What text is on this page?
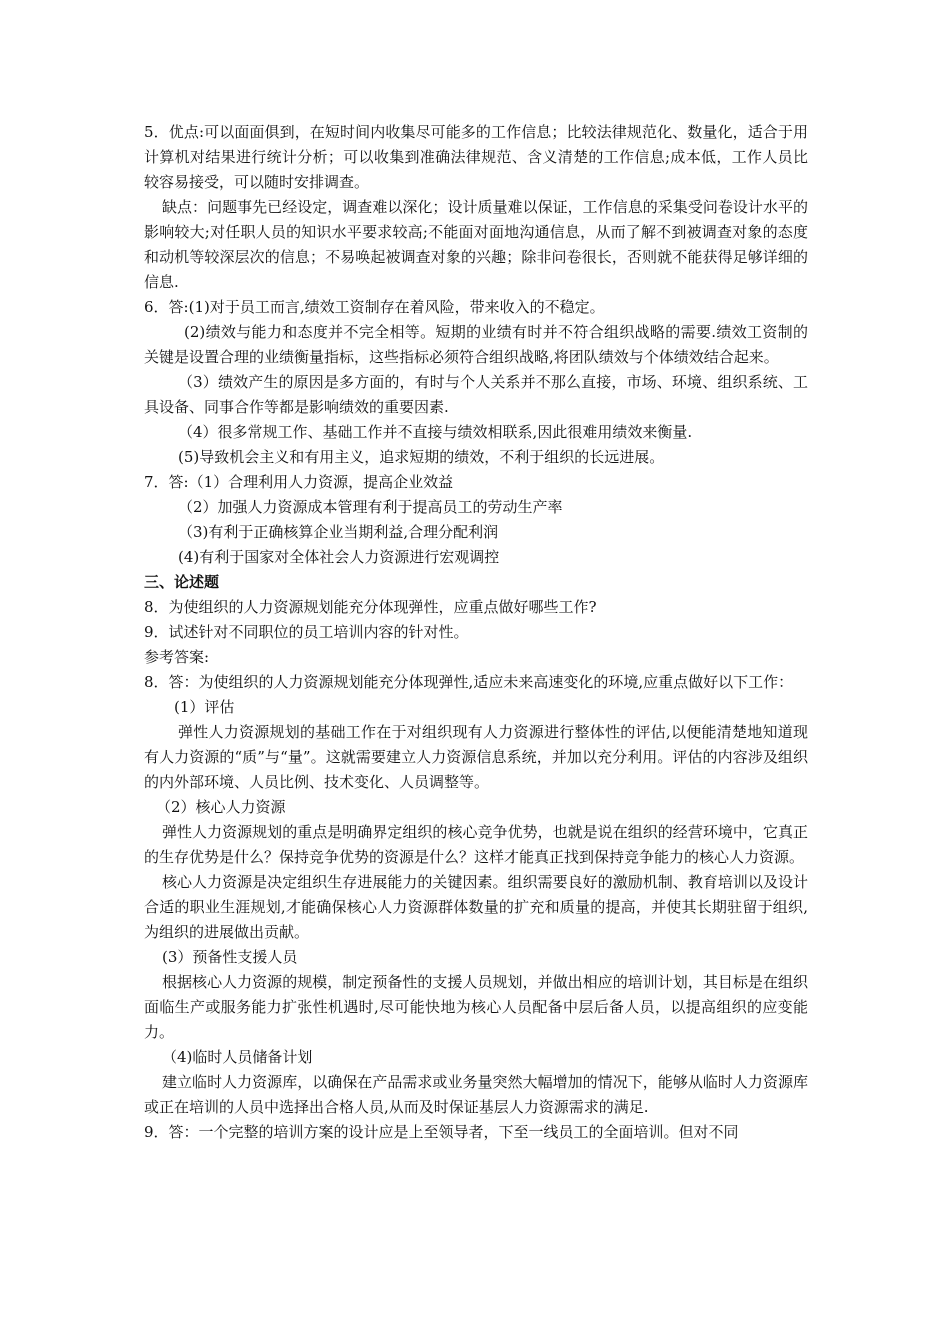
5．优点:可以面面俱到，在短时间内收集尽可能多的工作信息；比较法律规范化、数量化，适合于用计算机对结果进行统计分析；可以收集到准确法律规范、含义清楚的工作信息;成本低，工作人员比较容易接受，可以随时安排调查。

缺点：问题事先已经设定，调查难以深化；设计质量难以保证，工作信息的采集受问卷设计水平的影响较大;对任职人员的知识水平要求较高;不能面对面地沟通信息，从而了解不到被调查对象的态度和动机等较深层次的信息；不易唤起被调查对象的兴趣；除非问卷很长，否则就不能获得足够详细的信息.

6．答:(1)对于员工而言,绩效工资制存在着风险，带来收入的不稳定。

(2)绩效与能力和态度并不完全相等。短期的业绩有时并不符合组织战略的需要.绩效工资制的关键是设置合理的业绩衡量指标，这些指标必须符合组织战略,将团队绩效与个体绩效结合起来。

（3）绩效产生的原因是多方面的，有时与个人关系并不那么直接，市场、环境、组织系统、工具设备、同事合作等都是影响绩效的重要因素.

（4）很多常规工作、基础工作并不直接与绩效相联系,因此很难用绩效来衡量.

(5)导致机会主义和有用主义，追求短期的绩效，不利于组织的长远进展。

7．答:（1）合理利用人力资源，提高企业效益

（2）加强人力资源成本管理有利于提高员工的劳动生产率

（3)有利于正确核算企业当期利益,合理分配利润

(4)有利于国家对全体社会人力资源进行宏观调控

三、论述题

8．为使组织的人力资源规划能充分体现弹性，应重点做好哪些工作?

9．试述针对不同职位的员工培训内容的针对性。

参考答案:

8．答：为使组织的人力资源规划能充分体现弹性,适应未来高速变化的环境,应重点做好以下工作：

(1）评估

弹性人力资源规划的基础工作在于对组织现有人力资源进行整体性的评估,以便能清楚地知道现有人力资源的“质”与“量”。这就需要建立人力资源信息系统，并加以充分利用。评估的内容涉及组织的内外部环境、人员比例、技术变化、人员调整等。

（2）核心人力资源

弹性人力资源规划的重点是明确界定组织的核心竞争优势，也就是说在组织的经营环境中，它真正的生存优势是什么？保持竞争优势的资源是什么？这样才能真正找到保持竞争能力的核心人力资源。

核心人力资源是决定组织生存进展能力的关键因素。组织需要良好的激励机制、教育培训以及设计合适的职业生涯规划,才能确保核心人力资源群体数量的扩充和质量的提高，并使其长期驻留于组织,为组织的进展做出贡献。

(3）预备性支援人员

根据核心人力资源的规模，制定预备性的支援人员规划，并做出相应的培训计划，其目标是在组织面临生产或服务能力扩张性机遇时,尽可能快地为核心人员配备中层后备人员，以提高组织的应变能力。

（4)临时人员储备计划

建立临时人力资源库，以确保在产品需求或业务量突然大幅增加的情况下，能够从临时人力资源库或正在培训的人员中选择出合格人员,从而及时保证基层人力资源需求的满足.

9．答：一个完整的培训方案的设计应是上至领导者，下至一线员工的全面培训。但对不同
